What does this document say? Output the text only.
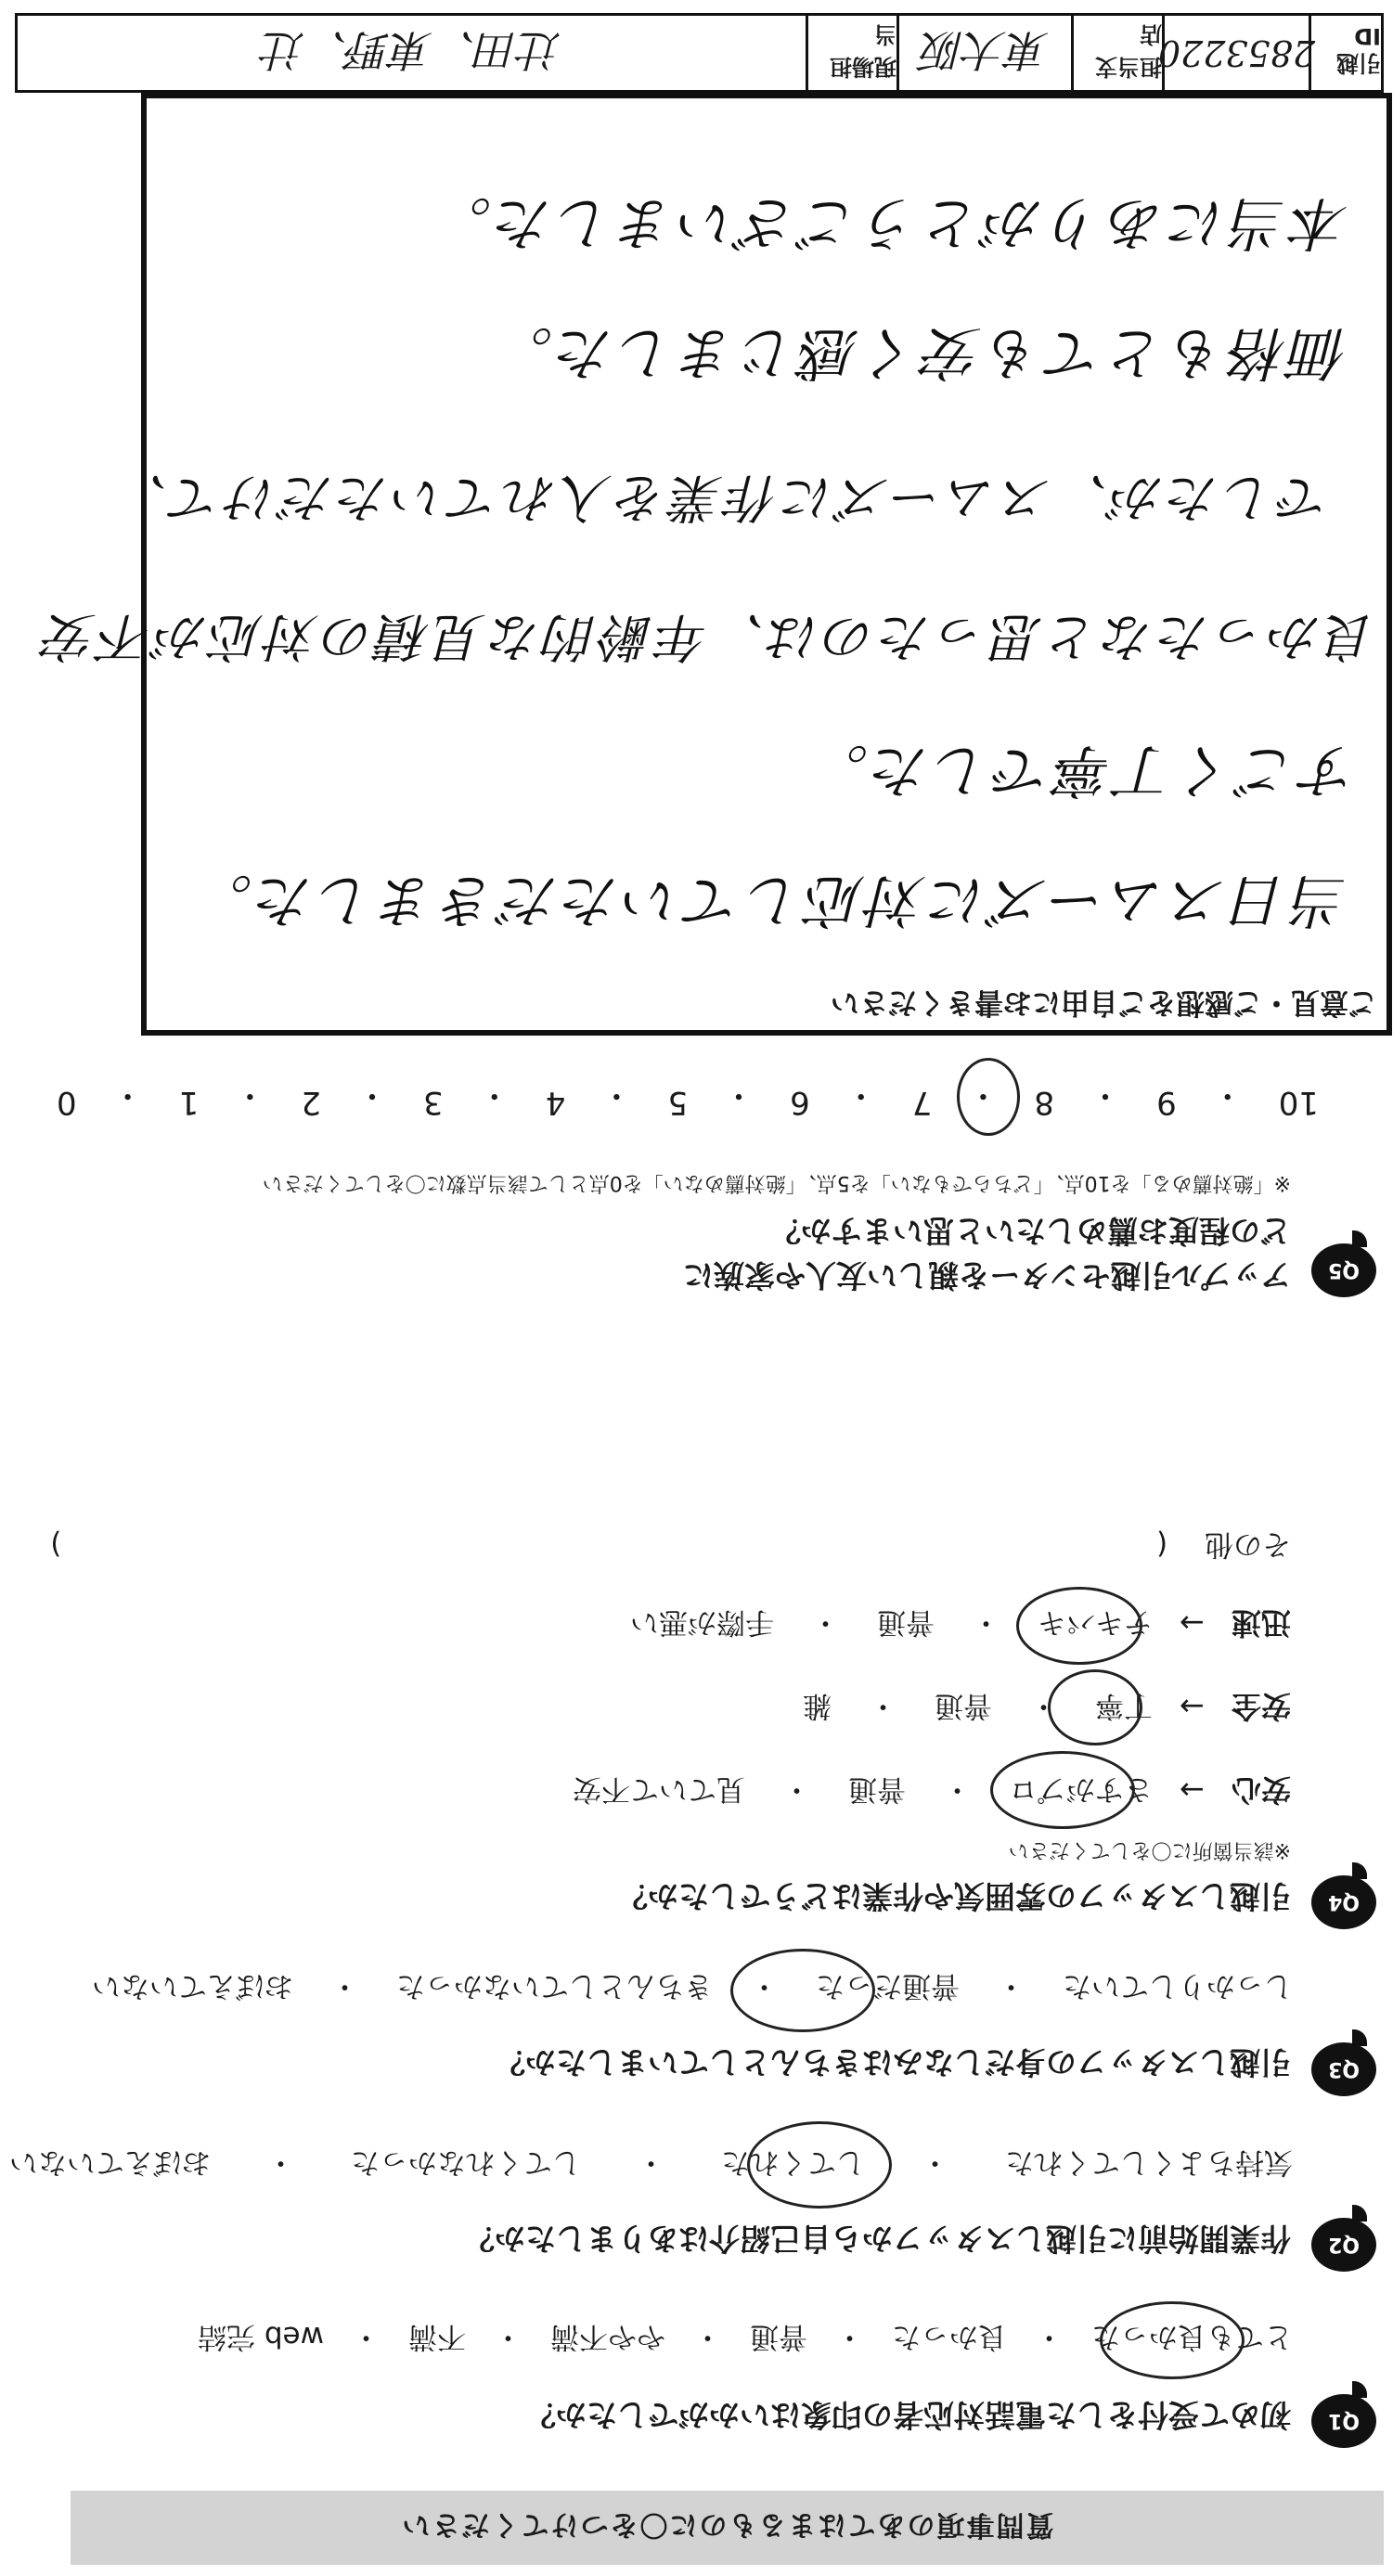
質問事項のあてはまるものに〇をつけてください
Q1
初めて受付をした電話対応者の印象はいかがでしたか？
とても良かった・良かった・普通・やや不満・不満・web 完結
Q2
作業開始前に引越しスタッフから自己紹介はありましたか？
気持ちよくしてくれた・してくれた・してくれなかった・おぼえていない
Q3
引越しスタッフの身だしなみはきちんとしていましたか？
しっかりしていた・普通だった・きちんとしていなかった・おぼえていない
Q4
引越しスタッフの雰囲気や作業はどうでしたか？
※該当箇所に〇をしてください
安心 → さすがプロ・普通・見ていて不安
安全 → 丁寧・普通・雑
迅速 → テキパキ・普通・手際が悪い
その他 (  )
Q5
アップル引越センターを親しい友人や家族に
どの程度お薦めしたいと思いますか？
※「絶対薦める」を10点、「どちらでもない」を5点、「絶対薦めない」を0点として該当点数に〇をしてください
10
・
9
・
8
・
7
・
6
・
5
・
4
・
3
・
2
・
1
・
0
ご意見・ご感想をご自由にお書きください
当日スムーズに対応していただきました。
すごく丁寧でした。
良かったなと思ったのは、年齢的な見積の対応が不安
でしたが、スムーズに作業を入れていただけて、
価格もとても安く感じました。
本当にありがとうございました。
引越ID
2853220
担当支店
東大阪
現場担当
辻田、東野、辻
